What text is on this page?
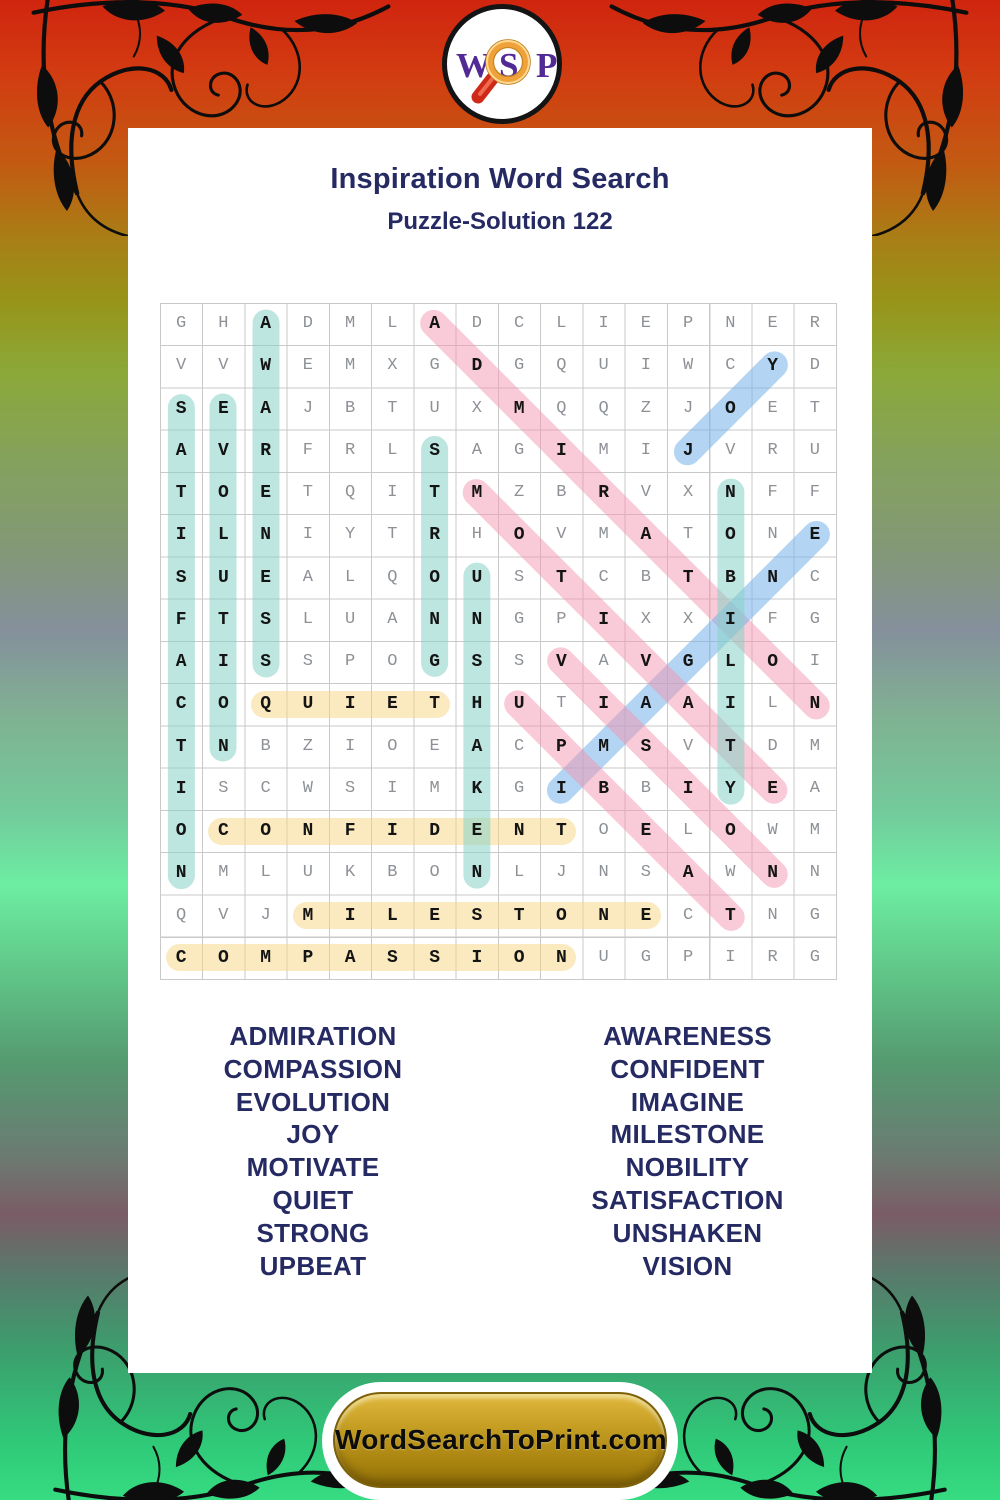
W S P
Inspiration Word Search
Puzzle-Solution 122
G	H	A	D	M	L	A	D	C	L	I	E	P	N	E	R
V	V	W	E	M	X	G	D	G	Q	U	I	W	C	Y	D
S	E	A	J	B	T	U	X	M	Q	Q	Z	J	O	E	T
A	V	R	F	R	L	S	A	G	I	M	I	J	V	R	U
T	O	E	T	Q	I	T	M	Z	B	R	V	X	N	F	F
I	L	N	I	Y	T	R	H	O	V	M	A	T	O	N	E
S	U	E	A	L	Q	O	U	S	T	C	B	T	B	N	C
F	T	S	L	U	A	N	N	G	P	I	X	X	I	F	G
A	I	S	S	P	O	G	S	S	V	A	V	G	L	O	I
C	O	Q	U	I	E	T	H	U	T	I	A	A	I	L	N
T	N	B	Z	I	O	E	A	C	P	M	S	V	T	D	M
I	S	C	W	S	I	M	K	G	I	B	B	I	Y	E	A
O	C	O	N	F	I	D	E	N	T	O	E	L	O	W	M
N	M	L	U	K	B	O	N	L	J	N	S	A	W	N	N
Q	V	J	M	I	L	E	S	T	O	N	E	C	T	N	G
C	O	M	P	A	S	S	I	O	N	U	G	P	I	R	G

ADMIRATION

COMPASSION

EVOLUTION

JOY

MOTIVATE

QUIET

STRONG

UPBEAT

AWARENESS

CONFIDENT

IMAGINE

MILESTONE

NOBILITY

SATISFACTION

UNSHAKEN

VISION

WordSearchToPrint.com
